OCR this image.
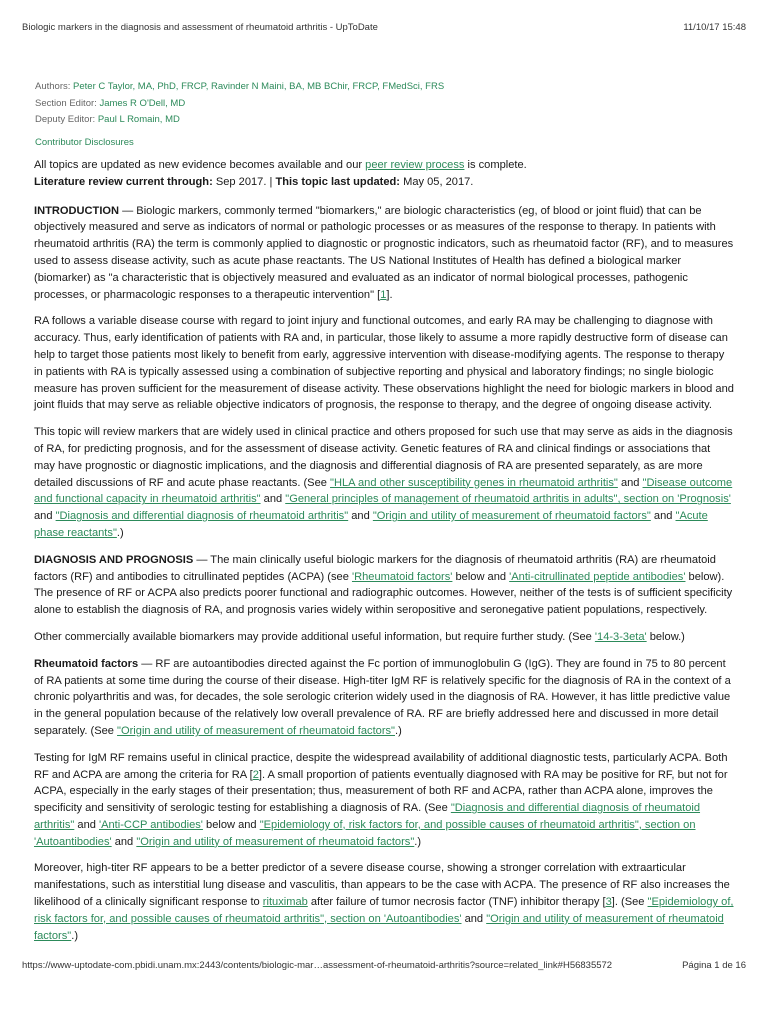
Biologic markers in the diagnosis and assessment of rheumatoid arthritis - UpToDate	11/10/17 15:48
Authors: Peter C Taylor, MA, PhD, FRCP, Ravinder N Maini, BA, MB BChir, FRCP, FMedSci, FRS
Section Editor: James R O'Dell, MD
Deputy Editor: Paul L Romain, MD
Contributor Disclosures

All topics are updated as new evidence becomes available and our peer review process is complete.
Literature review current through: Sep 2017. | This topic last updated: May 05, 2017.

INTRODUCTION — Biologic markers, commonly termed "biomarkers," are biologic characteristics (eg, of blood or joint fluid) that can be objectively measured and serve as indicators of normal or pathologic processes or as measures of the response to therapy. In patients with rheumatoid arthritis (RA) the term is commonly applied to diagnostic or prognostic indicators, such as rheumatoid factor (RF), and to measures used to assess disease activity, such as acute phase reactants. The US National Institutes of Health has defined a biological marker (biomarker) as "a characteristic that is objectively measured and evaluated as an indicator of normal biological processes, pathogenic processes, or pharmacologic responses to a therapeutic intervention" [1].

RA follows a variable disease course with regard to joint injury and functional outcomes, and early RA may be challenging to diagnose with accuracy. Thus, early identification of patients with RA and, in particular, those likely to assume a more rapidly destructive form of disease can help to target those patients most likely to benefit from early, aggressive intervention with disease-modifying agents. The response to therapy in patients with RA is typically assessed using a combination of subjective reporting and physical and laboratory findings; no single biologic measure has proven sufficient for the measurement of disease activity. These observations highlight the need for biologic markers in blood and joint fluids that may serve as reliable objective indicators of prognosis, the response to therapy, and the degree of ongoing disease activity.

This topic will review markers that are widely used in clinical practice and others proposed for such use that may serve as aids in the diagnosis of RA, for predicting prognosis, and for the assessment of disease activity. Genetic features of RA and clinical findings or associations that may have prognostic or diagnostic implications, and the diagnosis and differential diagnosis of RA are presented separately, as are more detailed discussions of RF and acute phase reactants. (See "HLA and other susceptibility genes in rheumatoid arthritis" and "Disease outcome and functional capacity in rheumatoid arthritis" and "General principles of management of rheumatoid arthritis in adults", section on 'Prognosis' and "Diagnosis and differential diagnosis of rheumatoid arthritis" and "Origin and utility of measurement of rheumatoid factors" and "Acute phase reactants".)

DIAGNOSIS AND PROGNOSIS — The main clinically useful biologic markers for the diagnosis of rheumatoid arthritis (RA) are rheumatoid factors (RF) and antibodies to citrullinated peptides (ACPA) (see 'Rheumatoid factors' below and 'Anti-citrullinated peptide antibodies' below). The presence of RF or ACPA also predicts poorer functional and radiographic outcomes. However, neither of the tests is of sufficient specificity alone to establish the diagnosis of RA, and prognosis varies widely within seropositive and seronegative patient populations, respectively.

Other commercially available biomarkers may provide additional useful information, but require further study. (See '14-3-3eta' below.)

Rheumatoid factors — RF are autoantibodies directed against the Fc portion of immunoglobulin G (IgG). They are found in 75 to 80 percent of RA patients at some time during the course of their disease. High-titer IgM RF is relatively specific for the diagnosis of RA in the context of a chronic polyarthritis and was, for decades, the sole serologic criterion widely used in the diagnosis of RA. However, it has little predictive value in the general population because of the relatively low overall prevalence of RA. RF are briefly addressed here and discussed in more detail separately. (See "Origin and utility of measurement of rheumatoid factors".)

Testing for IgM RF remains useful in clinical practice, despite the widespread availability of additional diagnostic tests, particularly ACPA. Both RF and ACPA are among the criteria for RA [2]. A small proportion of patients eventually diagnosed with RA may be positive for RF, but not for ACPA, especially in the early stages of their presentation; thus, measurement of both RF and ACPA, rather than ACPA alone, improves the specificity and sensitivity of serologic testing for establishing a diagnosis of RA. (See "Diagnosis and differential diagnosis of rheumatoid arthritis" and 'Anti-CCP antibodies' below and "Epidemiology of, risk factors for, and possible causes of rheumatoid arthritis", section on 'Autoantibodies' and "Origin and utility of measurement of rheumatoid factors".)

Moreover, high-titer RF appears to be a better predictor of a severe disease course, showing a stronger correlation with extraarticular manifestations, such as interstitial lung disease and vasculitis, than appears to be the case with ACPA. The presence of RF also increases the likelihood of a clinically significant response to rituximab after failure of tumor necrosis factor (TNF) inhibitor therapy [3]. (See "Epidemiology of, risk factors for, and possible causes of rheumatoid arthritis", section on 'Autoantibodies' and "Origin and utility of measurement of rheumatoid factors".)

https://www-uptodate-com.pbidi.unam.mx:2443/contents/biologic-mar…assessment-of-rheumatoid-arthritis?source=related_link#H56835572	Página 1 de 16
